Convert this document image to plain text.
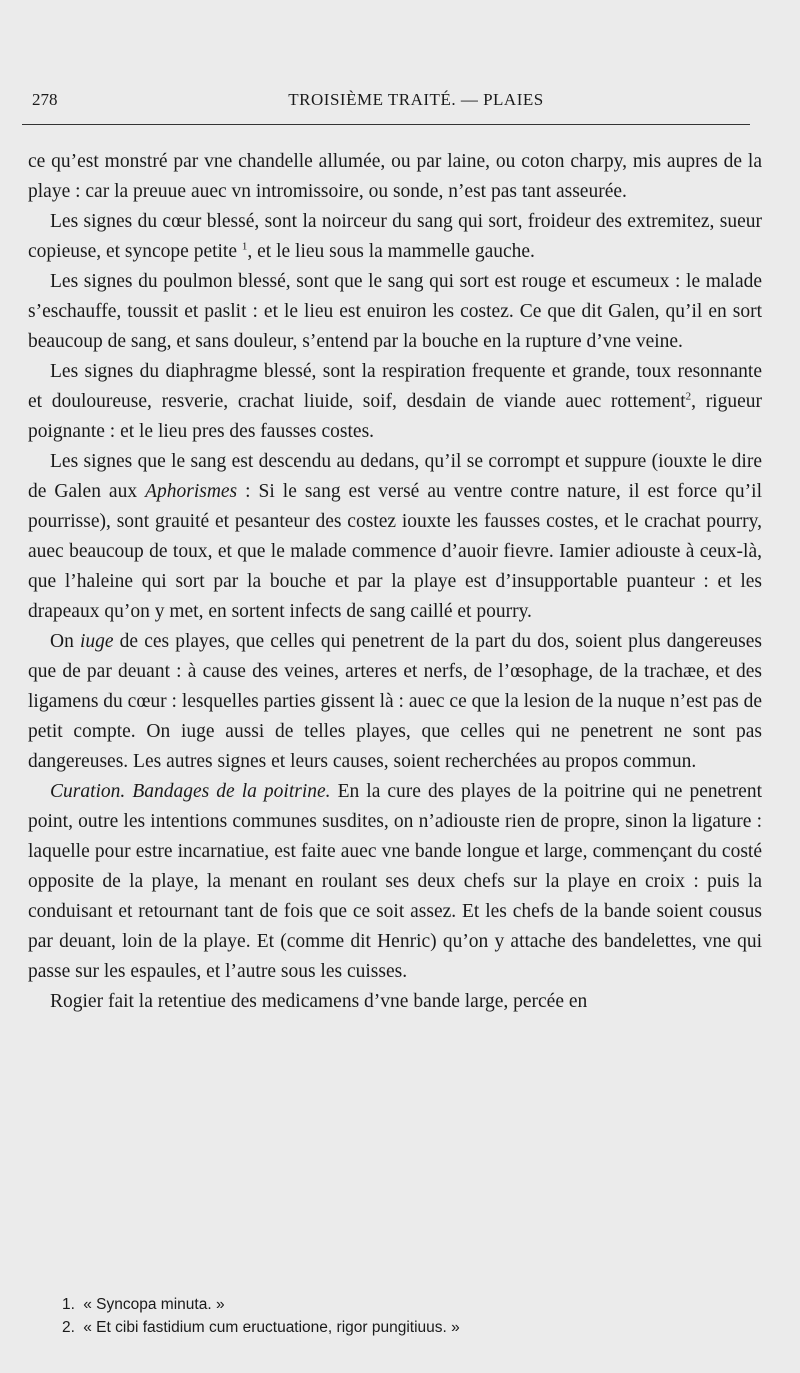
278	TROISIÈME TRAITÉ. — PLAIES

ce qu’est monstré par vne chandelle allumée, ou par laine, ou coton charpy, mis aupres de la playe : car la preuue auec vn intromissoire, ou sonde, n’est pas tant asseurée.

Les signes du cœur blessé, sont la noirceur du sang qui sort, froideur des extremitez, sueur copieuse, et syncope petite $^1$, et le lieu sous la mammelle gauche.

Les signes du poulmon blessé, sont que le sang qui sort est rouge et escumeux : le malade s’eschauffe, toussit et paslit : et le lieu est enuiron les costez. Ce que dit Galen, qu’il en sort beaucoup de sang, et sans douleur, s’entend par la bouche en la rupture d’vne veine.

Les signes du diaphragme blessé, sont la respiration frequente et grande, toux resonnante et douloureuse, resverie, crachat liuide, soif, desdain de viande auec rottement$^2$, rigueur poignante : et le lieu pres des fausses costes.

Les signes que le sang est descendu au dedans, qu’il se corrompt et suppure (iouxte le dire de Galen aux Aphorismes : Si le sang est versé au ventre contre nature, il est force qu’il pourrisse), sont grauité et pesanteur des costez iouxte les fausses costes, et le crachat pourry, auec beaucoup de toux, et que le malade commence d’auoir fievre. Iamier adiouste à ceux-là, que l’haleine qui sort par la bouche et par la playe est d’insupportable puanteur : et les drapeaux qu’on y met, en sortent infects de sang caillé et pourry.

On iuge de ces playes, que celles qui penetrent de la part du dos, soient plus dangereuses que de par deuant : à cause des veines, arteres et nerfs, de l’œsophage, de la trachæe, et des ligamens du cœur : lesquelles parties gissent là : auec ce que la lesion de la nuque n’est pas de petit compte. On iuge aussi de telles playes, que celles qui ne penetrent ne sont pas dangereuses. Les autres signes et leurs causes, soient recherchées au propos commun.

Curation. Bandages de la poitrine. En la cure des playes de la poitrine qui ne penetrent point, outre les intentions communes susdites, on n’adiouste rien de propre, sinon la ligature : laquelle pour estre incarnatiue, est faite auec vne bande longue et large, commençant du costé opposite de la playe, la menant en roulant ses deux chefs sur la playe en croix : puis la conduisant et retournant tant de fois que ce soit assez. Et les chefs de la bande soient cousus par deuant, loin de la playe. Et (comme dit Henric) qu’on y attache des bandelettes, vne qui passe sur les espaules, et l’autre sous les cuisses.

Rogier fait la retentiue des medicamens d’vne bande large, percée en

1. « Syncopa minuta. »

2. « Et cibi fastidium cum eructuatione, rigor pungitiuus. »
